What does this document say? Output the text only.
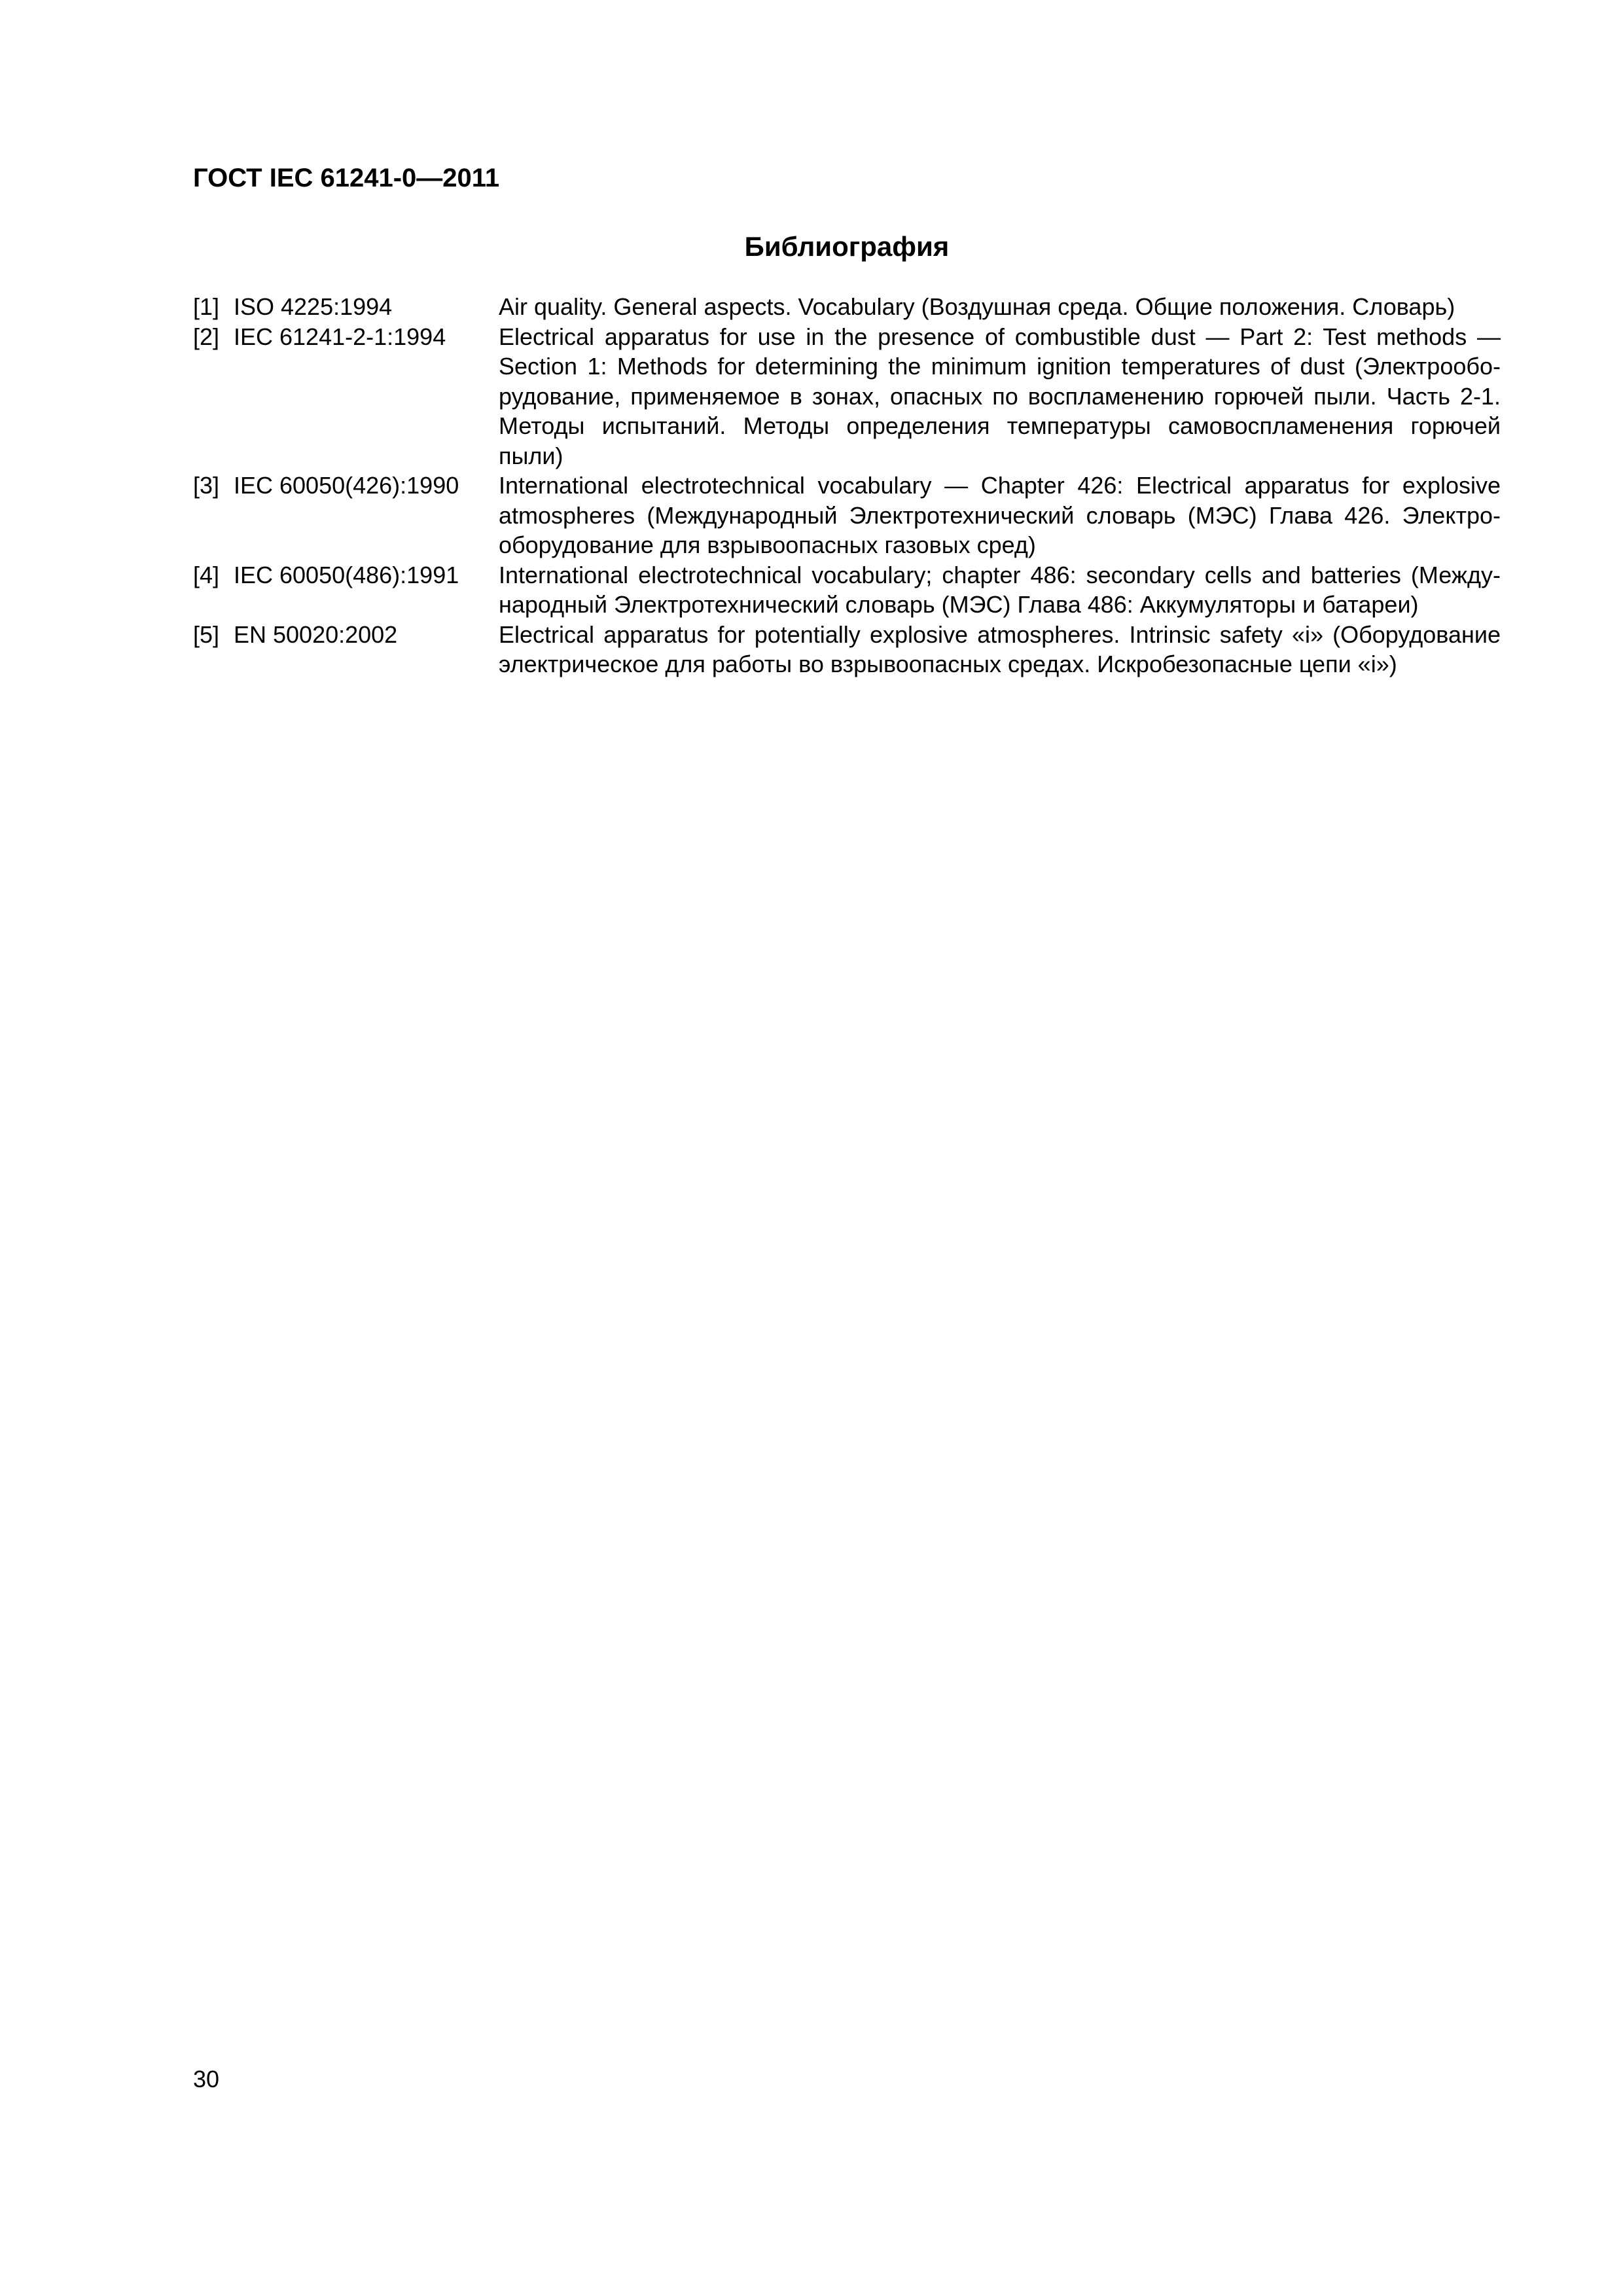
ГОСТ IEC 61241-0—2011
Библиография
[1] ISO 4225:1994	Air quality. General aspects. Vocabulary (Воздушная среда. Общие положения. Словарь)
[2] IEC 61241-2-1:1994	Electrical apparatus for use in the presence of combustible dust — Part 2: Test methods — Section 1: Methods for determining the minimum ignition temperatures of dust (Электрооборудование, применяемое в зонах, опасных по воспламенению горючей пыли. Часть 2-1. Методы испытаний. Методы определения температуры самовоспламенения горючей пыли)
[3] IEC 60050(426):1990	International electrotechnical vocabulary — Chapter 426: Electrical apparatus for explosive atmospheres (Международный Электротехнический словарь (МЭС) Глава 426. Электрооборудование для взрывоопасных газовых сред)
[4] IEC 60050(486):1991	International electrotechnical vocabulary; chapter 486: secondary cells and batteries (Международный Электротехнический словарь (МЭС) Глава 486: Аккумуляторы и батареи)
[5] EN 50020:2002	Electrical apparatus for potentially explosive atmospheres. Intrinsic safety «i» (Оборудование электрическое для работы во взрывоопасных средах. Искробезопасные цепи «i»)
30
